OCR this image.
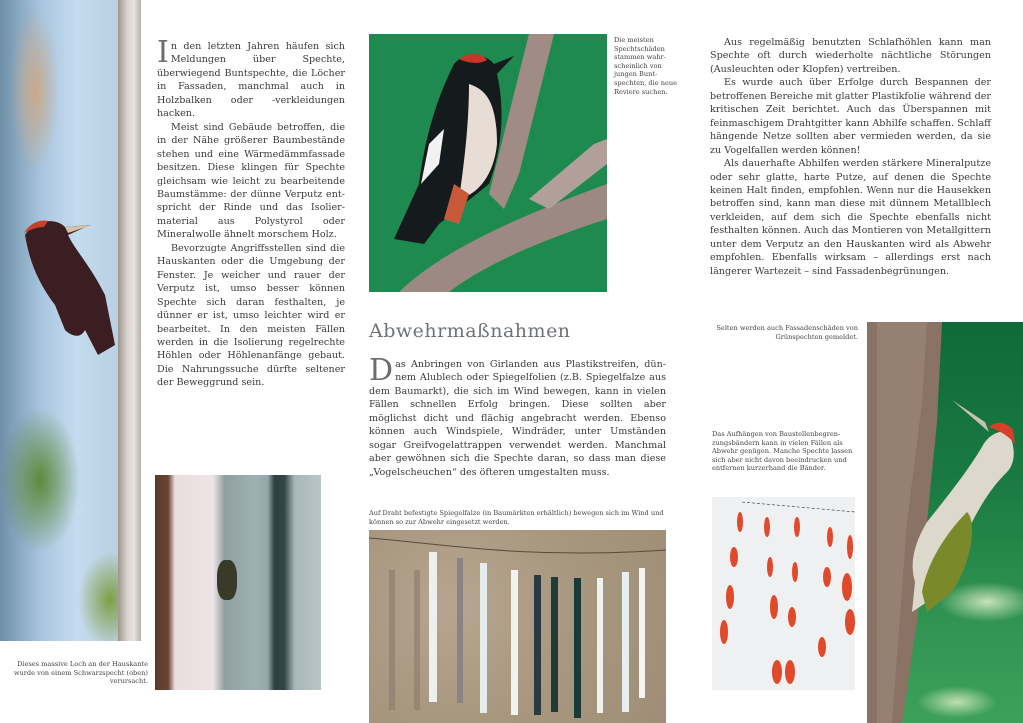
In den letzten Jahren häufen sich Meldungen über Spechte, überwiegend Buntspechte, die Löcher in Fassaden, manchmal auch in Holzbalken oder -verkleidungen hacken.

Meist sind Gebäude betroffen, die in der Nähe größerer Baumbestände stehen und eine Wärmedämmfassade besitzen. Diese klingen für Spechte gleichsam wie leicht zu bearbeitende Baumstämme: der dünne Verputz entspricht der Rinde und das Isoliermaterial aus Polystyrol oder Mineralwolle ähnelt morschem Holz.

Bevorzugte Angriffsstellen sind die Hauskanten oder die Umgebung der Fenster. Je weicher und rauer der Verputz ist, umso besser können Spechte sich daran festhalten, je dünner er ist, umso leichter wird er bearbeitet. In den meisten Fällen werden in die Isolierung regelrechte Höhlen oder Höhlenanfänge gebaut. Die Nahrungssuche dürfte seltener der Beweggrund sein.

Dieses massive Loch an der Hauskante wurde von einem Schwarzspecht (oben) verursacht.
Die meisten Spechtschäden stammen wahrscheinlich von jungen Buntspechten, die neue Reviere suchen.
Abwehrmaßnahmen

Das Anbringen von Girlanden aus Plastikstreifen, dünnem Alublech oder Spiegelfolien (z.B. Spiegelfalze aus dem Baumarkt), die sich im Wind bewegen, kann in vielen Fällen schnellen Erfolg bringen. Diese sollten aber möglichst dicht und flächig angebracht werden. Ebenso können auch Windspiele, Windräder, unter Umständen sogar Greifvogelattrappen verwendet werden. Manchmal aber gewöhnen sich die Spechte daran, so dass man diese „Vogelscheuchen“ des öfteren umgestalten muss.

Auf Draht befestigte Spiegelfalze (in Baumärkten erhältlich) bewegen sich im Wind und können so zur Abwehr eingesetzt werden.

Aus regelmäßig benutzten Schlafhöhlen kann man Spechte oft durch wiederholte nächtliche Störungen (Ausleuchten oder Klopfen) vertreiben.

Es wurde auch über Erfolge durch Bespannen der betroffenen Bereiche mit glatter Plastikfolie während der kritischen Zeit berichtet. Auch das Überspannen mit feinmaschigem Drahtgitter kann Abhilfe schaffen. Schlaff hängende Netze sollten aber vermieden werden, da sie zu Vogelfallen werden können!

Als dauerhafte Abhilfen werden stärkere Mineralputze oder sehr glatte, harte Putze, auf denen die Spechte keinen Halt finden, empfohlen. Wenn nur die Hausekken betroffen sind, kann man diese mit dünnem Metallblech verkleiden, auf dem sich die Spechte ebenfalls nicht festhalten können. Auch das Montieren von Metallgittern unter dem Verputz an den Hauskanten wird als Abwehr empfohlen. Ebenfalls wirksam – allerdings erst nach längerer Wartezeit – sind Fassadenbegrünungen.

Selten werden auch Fassadenschäden von Grünspechten gemeldet.
Das Aufhängen von Baustellenbegrenzungsbändern kann in vielen Fällen als Abwehr genügen. Manche Spechte lassen sich aber nicht davon beeindrucken und entfernen kurzerhand die Bänder.
